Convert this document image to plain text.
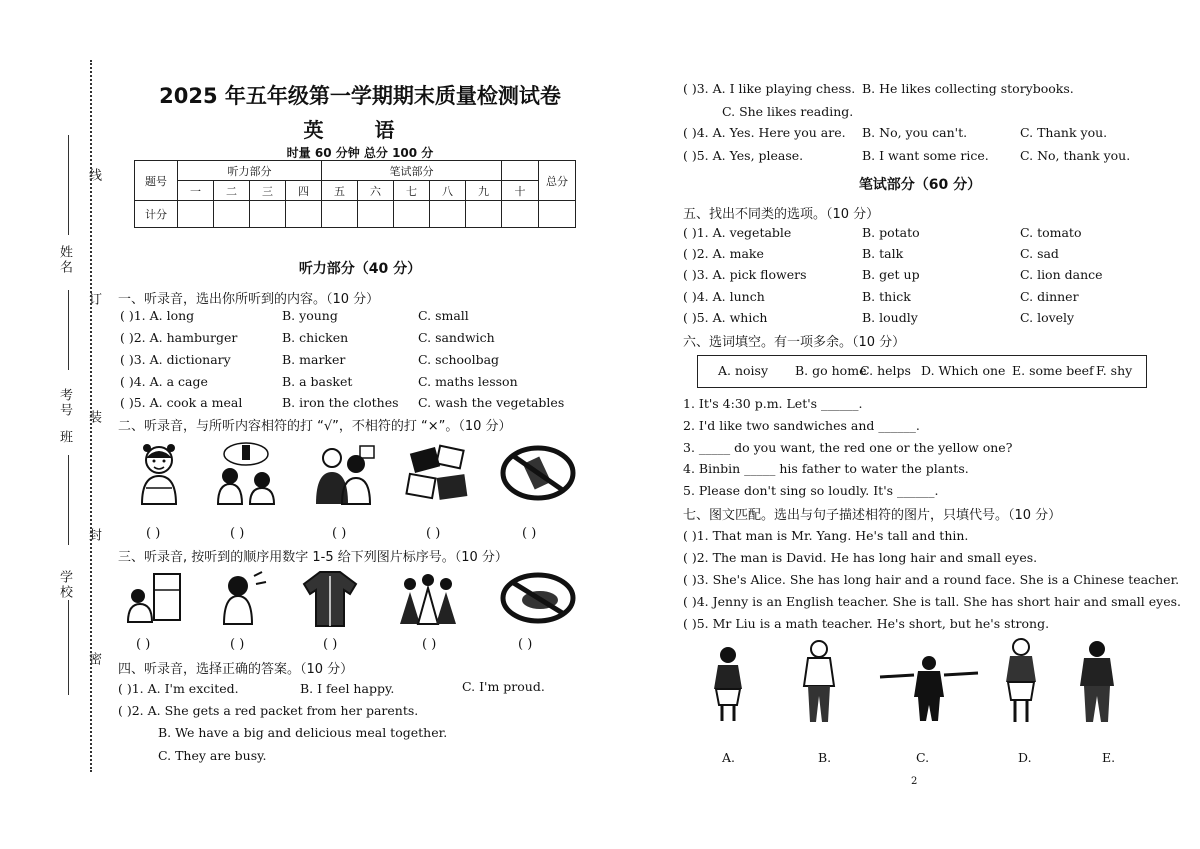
姓名
班
考号
学校
线
订
装
封
密
2025 年五年级第一学期期末质量检测试卷
英 语
时量 60 分钟 总分 100 分
题号	听力部分				笔试部分						总分
	一	二	三	四	五	六	七	八	九	十	
计分											
听力部分（40 分）
一、听录音，选出你所听到的内容。（10 分）
( )1. A. long	B. young	C. small
( )2. A. hamburger	B. chicken	C. sandwich
( )3. A. dictionary	B. marker	C. schoolbag
( )4. A. a cage	B. a basket	C. maths lesson
( )5. A. cook a meal	B. iron the clothes C. wash the vegetables
二、听录音，与所听内容相符的打 “√”，不相符的打 “×”。（10 分）
( )	( )	( )	( )	( )
三、听录音, 按听到的顺序用数字 1-5 给下列图片标序号。（10 分）
( )	( )	( )	( )	( )
四、听录音，选择正确的答案。（10 分）
( )1. A. I'm excited.	B. I feel happy.	C. I'm proud.
( )2. A. She gets a red packet from her parents.
B. We have a big and delicious meal together.
C. They are busy.
( )3. A. I like playing chess. B. He likes collecting storybooks.
C. She likes reading.
( )4. A. Yes. Here you are. B. No, you can't.	C. Thank you.
( )5. A. Yes, please.	B. I want some rice. C. No, thank you.
笔试部分（60 分）
五、找出不同类的选项。（10 分）
( )1. A. vegetable	B. potato	C. tomato
( )2. A. make	B. talk	C. sad
( )3. A. pick flowers	B. get up	C. lion dance
( )4. A. lunch	B. thick	C. dinner
( )5. A. which	B. loudly	C. lovely
六、选词填空。有一项多余。（10 分）
A. noisy B. go home
C. helps D. Which one E. some beef F. shy
1. It's 4:30 p.m. Let's ______.
2. I'd like two sandwiches and ______.
3. _____ do you want, the red one or the yellow one?
4. Binbin _____ his father to water the plants.
5. Please don't sing so loudly. It's ______.
七、图文匹配。选出与句子描述相符的图片，只填代号。（10 分）
( )1. That man is Mr. Yang. He's tall and thin.
( )2. The man is David. He has long hair and small eyes.
( )3. She's Alice. She has long hair and a round face. She is a Chinese teacher.
( )4. Jenny is an English teacher. She is tall. She has short hair and small eyes.
( )5. Mr Liu is a math teacher. He's short, but he's strong.
A.	B.	C.	D.	E.
2
